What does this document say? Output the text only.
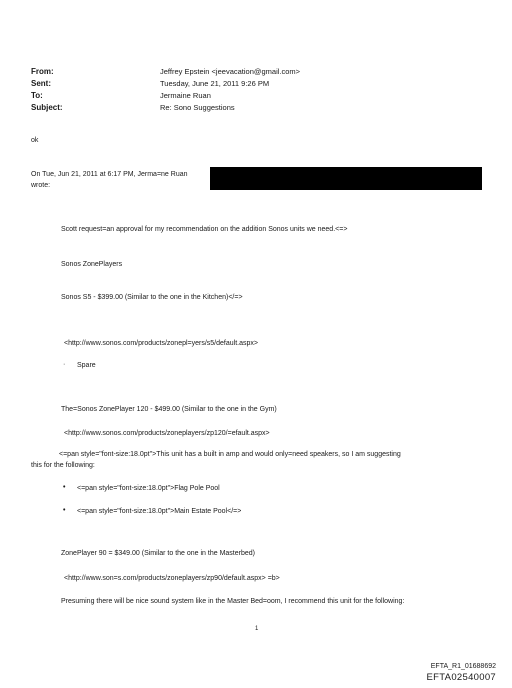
From:	Jeffrey Epstein <jeevacation@gmail.com>
Sent:	Tuesday, June 21, 2011 9:26 PM
To:	Jermaine Ruan
Subject:	Re: Sono Suggestions
ok
On Tue, Jun 21, 2011 at 6:17 PM, Jerma=ne Ruan
wrote:
Scott request=an approval for my recommendation on the addition Sonos units we need.<=>
Sonos ZonePlayers
Sonos S5 - $399.00 (Similar to the one in the Kitchen)</=>
<http://www.sonos.com/products/zonepl=yers/s5/default.aspx>
· Spare
The=Sonos ZonePlayer 120 - $499.00 (Similar to the one in the Gym)
<http://www.sonos.com/products/zoneplayers/zp120/=efault.aspx>
<=pan style="font-size:18.0pt">This unit has a built in amp and would only=need speakers, so I am suggesting
this for the following:
• <=pan style="font-size:18.0pt">Flag Pole Pool
• <=pan style="font-size:18.0pt">Main Estate Pool</=>
ZonePlayer 90 = $349.00 (Similar to the one in the Masterbed)
<http://www.son=s.com/products/zoneplayers/zp90/default.aspx> =b>
Presuming there will be nice sound system like in the Master Bed=oom, I recommend this unit for the following:
1
EFTA_R1_01688692
EFTA02540007
